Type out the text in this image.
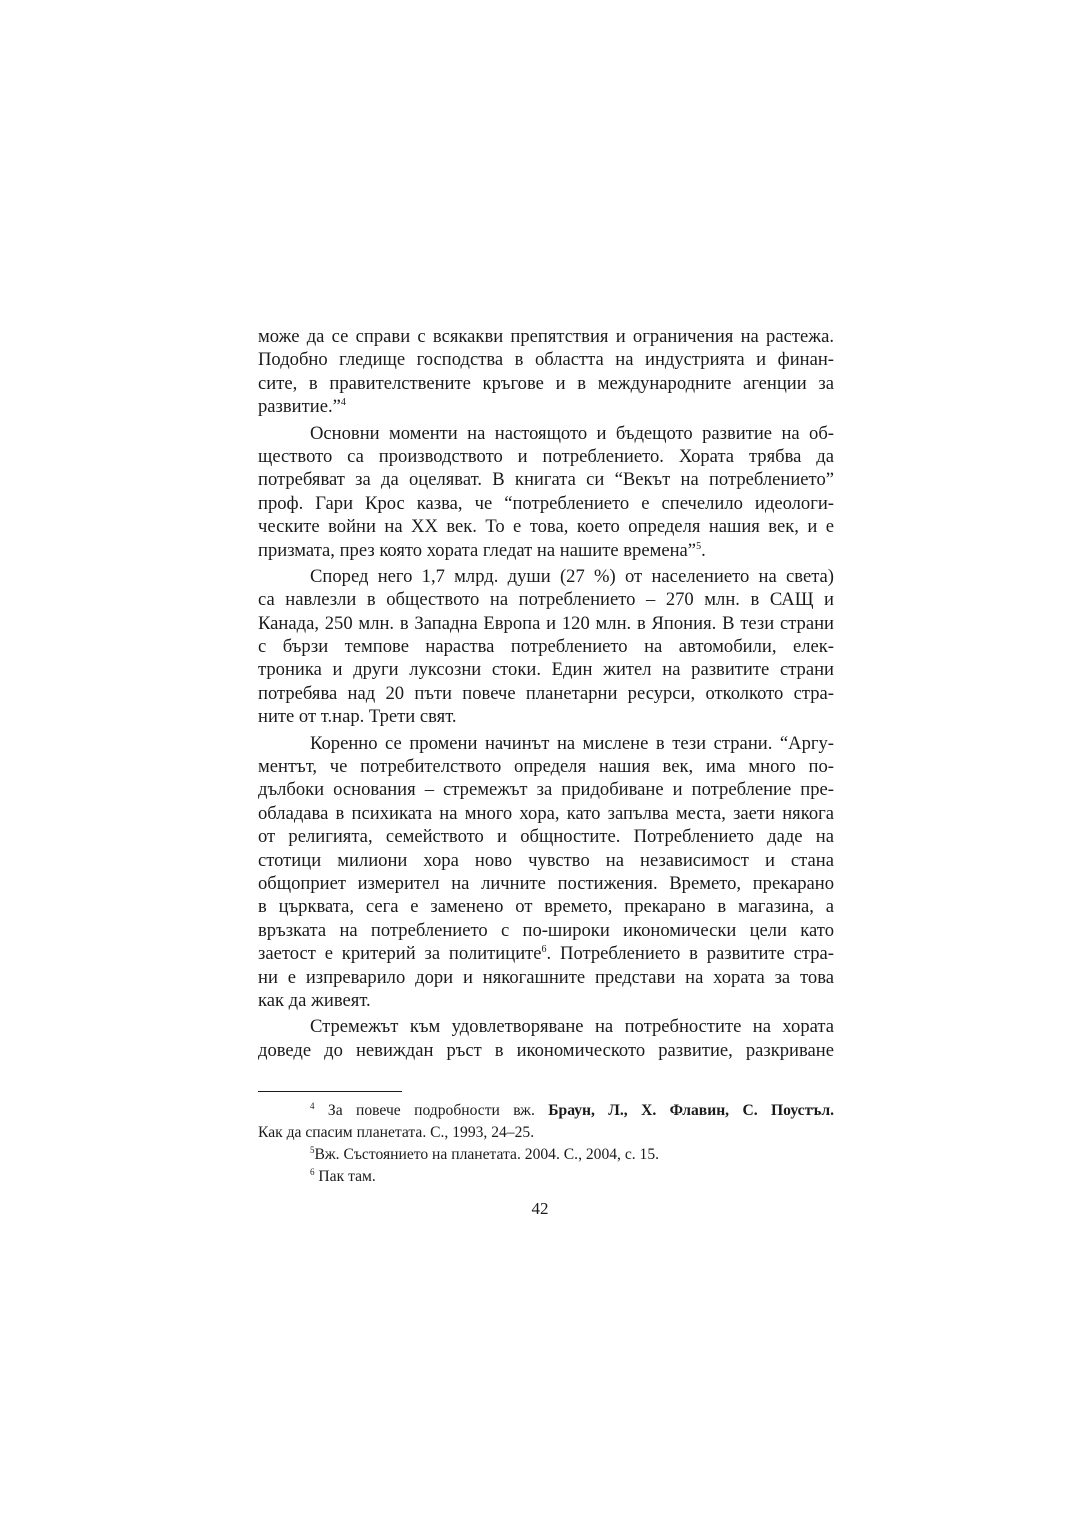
може да се справи с всякакви препятствия и ограничения на растежа.
Подобно гледище господства в областта на индустрията и финан-
сите, в правителствените кръгове и в международните агенции за
развитие.”$^4$
Основни моменти на настоящото и бъдещото развитие на об-
ществото са производството и потреблението. Хората трябва да
потребяват за да оцеляват. В книгата си “Векът на потреблението”
проф. Гари Крос казва, че “потреблението е спечелило идеологи-
ческите войни на XX век. То е това, което определя нашия век, и е
призмата, през която хората гледат на нашите времена”$^5$.
Според него 1,7 млрд. души (27 %) от населението на света)
са навлезли в обществото на потреблението – 270 млн. в САЩ и
Канада, 250 млн. в Западна Европа и 120 млн. в Япония. В тези страни
с бързи темпове нараства потреблението на автомобили, елек-
троника и други луксозни стоки. Един жител на развитите страни
потребява над 20 пъти повече планетарни ресурси, отколкото стра-
ните от т.нар. Трети свят.
Коренно се промени начинът на мислене в тези страни. “Аргу-
ментът, че потребителството определя нашия век, има много по-
дълбоки основания – стремежът за придобиване и потребление пре-
обладава в психиката на много хора, като запълва места, заети някога
от религията, семейството и общностите. Потреблението даде на
стотици милиони хора ново чувство на независимост и стана
общоприет измерител на личните постижения. Времето, прекарано
в църквата, сега е заменено от времето, прекарано в магазина, а
връзката на потреблението с по-широки икономически цели като
заетост е критерий за политиците$^6$. Потреблението в развитите стра-
ни е изпреварило дори и някогашните представи на хората за това
как да живеят.
Стремежът към удовлетворяване на потребностите на хората
доведе до невиждан ръст в икономическото развитие, разкриване
$^4$ За повече подробности вж. Браун, Л., Х. Флавин, С. Поустъл.
Как да спасим планетата. С., 1993, 24–25.
$^5$Вж. Състоянието на планетата. 2004. С., 2004, с. 15.
$^6$ Пак там.
42
